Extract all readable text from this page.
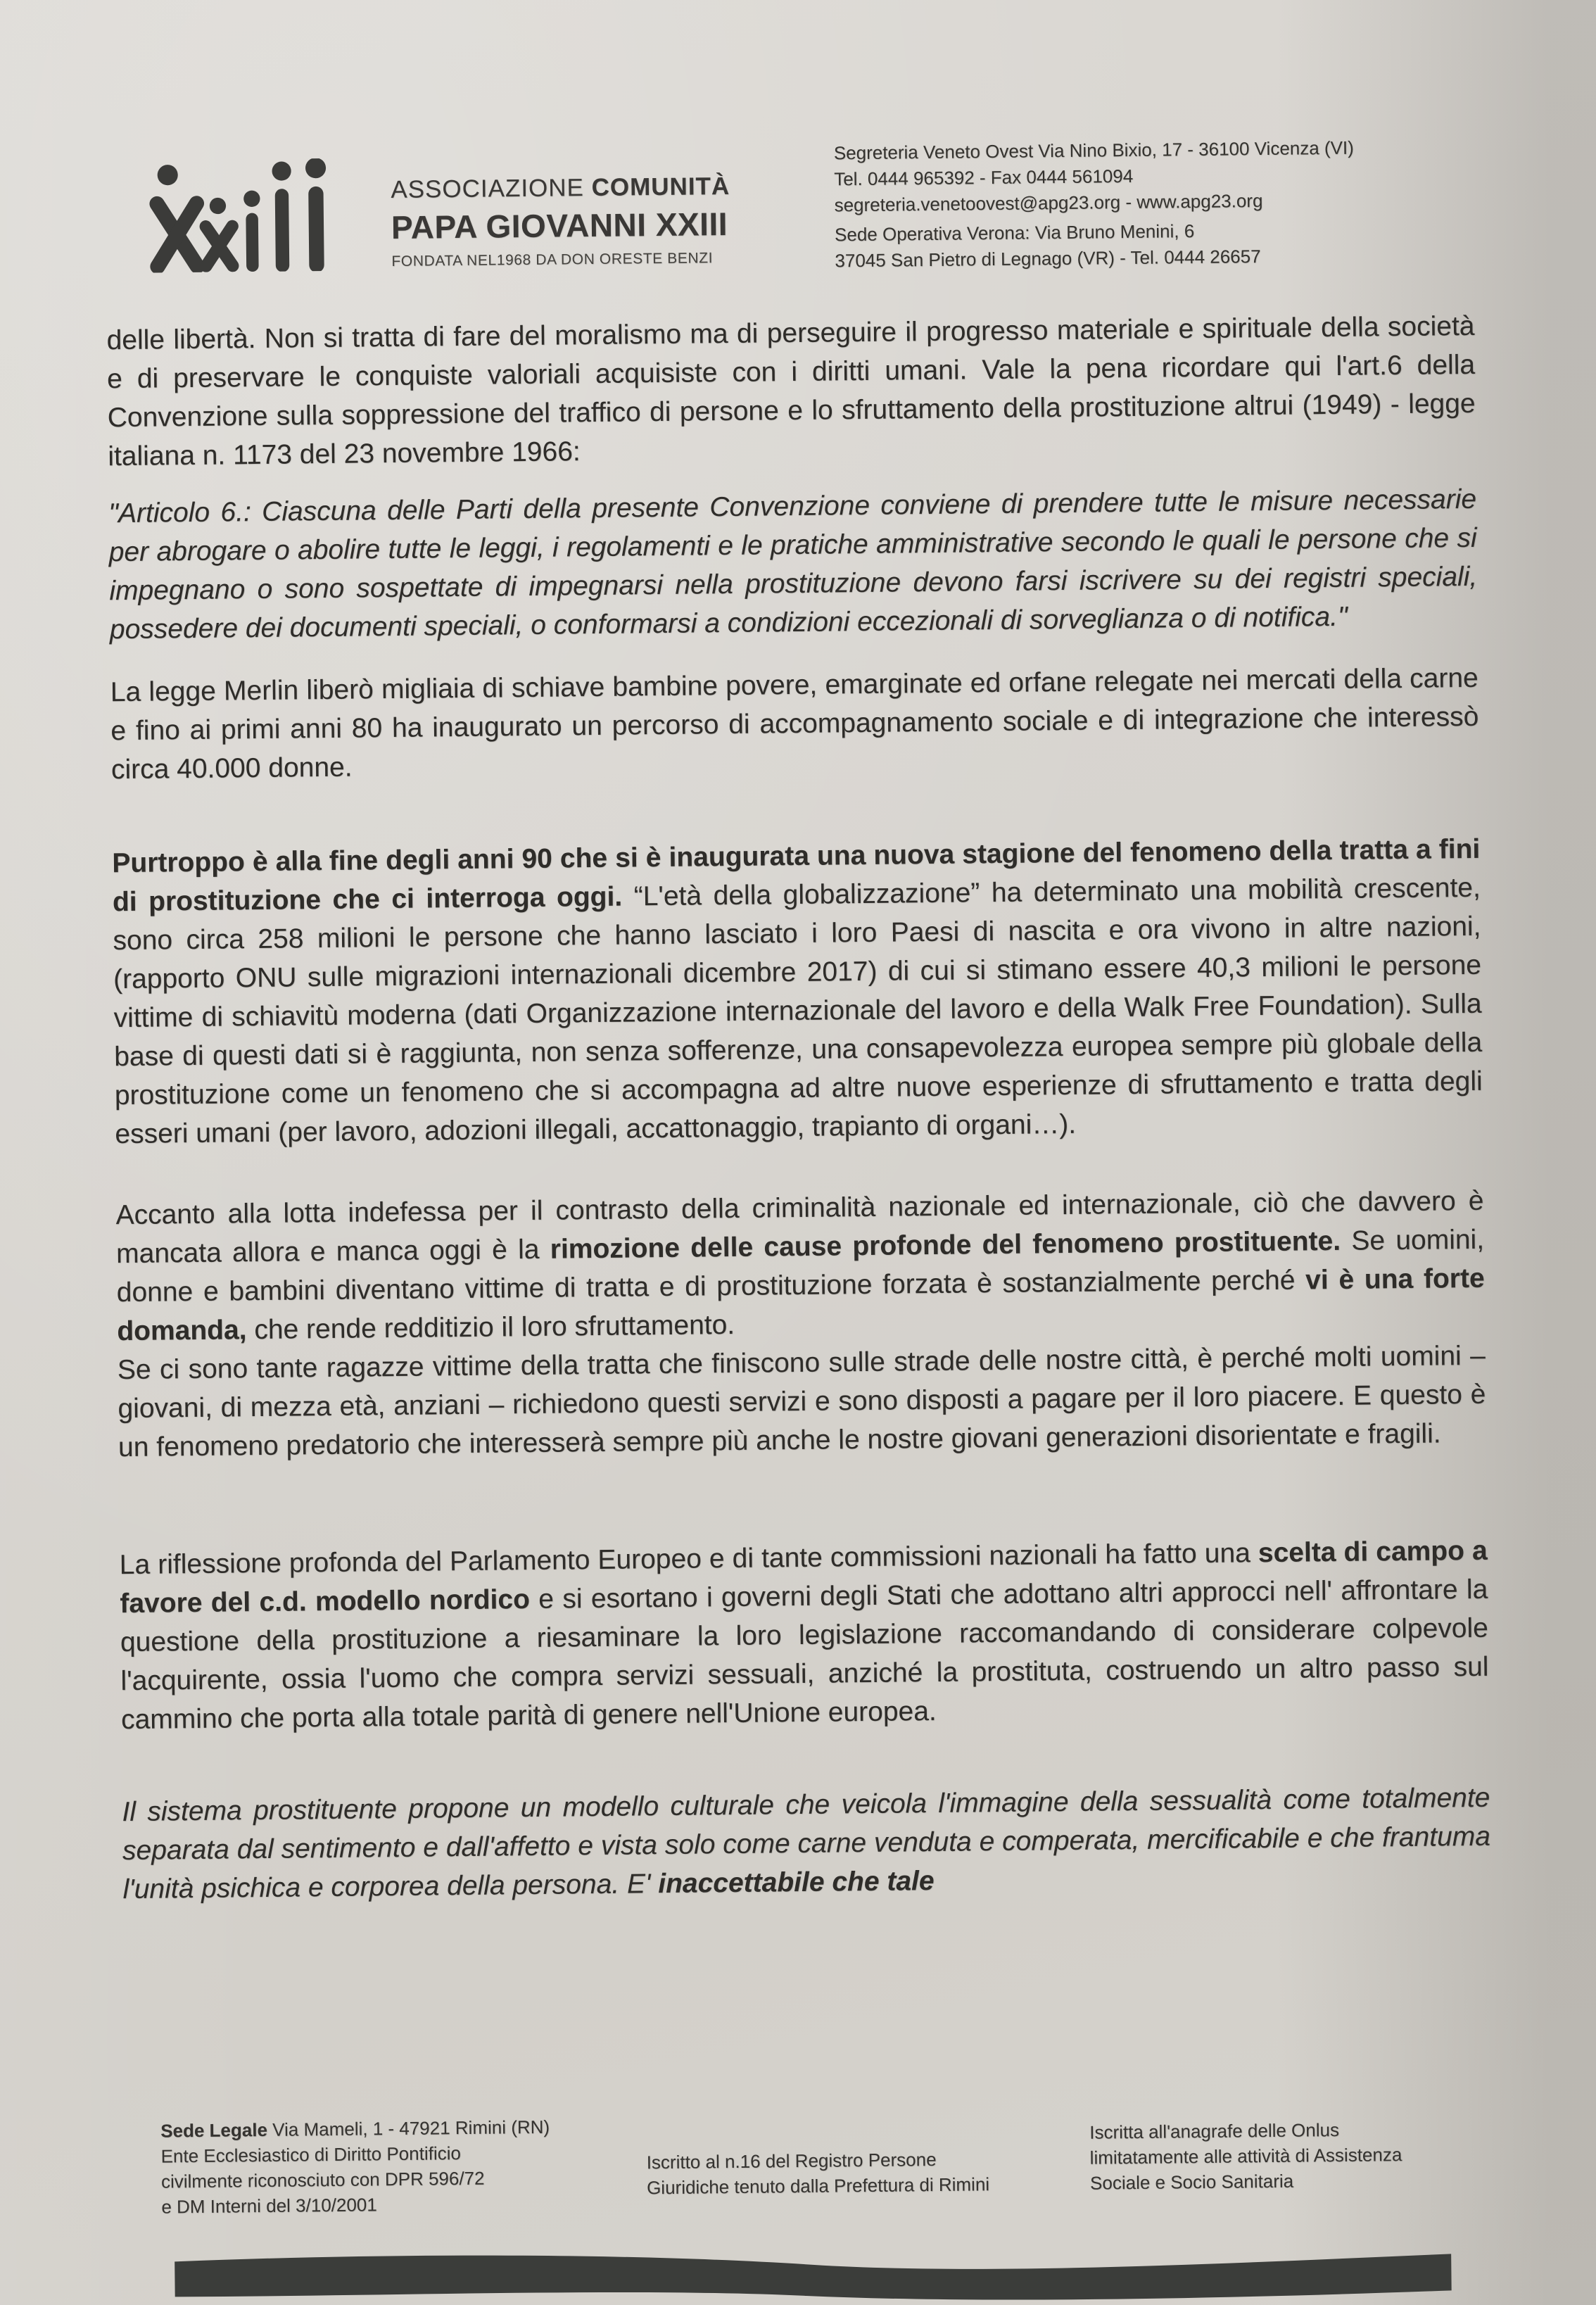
ASSOCIAZIONE COMUNITÀ
PAPA GIOVANNI XXIII
FONDATA NEL1968 DA DON ORESTE BENZI
Segreteria Veneto Ovest Via Nino Bixio, 17 - 36100 Vicenza (VI)
Tel. 0444 965392 - Fax 0444 561094
segreteria.venetoovest@apg23.org - www.apg23.org
Sede Operativa Verona: Via Bruno Menini, 6
37045 San Pietro di Legnago (VR) - Tel. 0444 26657

delle libertà. Non si tratta di fare del moralismo ma di perseguire il progresso materiale e spirituale della società e di preservare le conquiste valoriali acquisiste con i diritti umani. Vale la pena ricordare qui l'art.6 della Convenzione sulla soppressione del traffico di persone e lo sfruttamento della prostituzione altrui (1949) - legge italiana n. 1173 del 23 novembre 1966:

"Articolo 6.: Ciascuna delle Parti della presente Convenzione conviene di prendere tutte le misure necessarie per abrogare o abolire tutte le leggi, i regolamenti e le pratiche amministrative secondo le quali le persone che si impegnano o sono sospettate di impegnarsi nella prostituzione devono farsi iscrivere su dei registri speciali, possedere dei documenti speciali, o conformarsi a condizioni eccezionali di sorveglianza o di notifica."

La legge Merlin liberò migliaia di schiave bambine povere, emarginate ed orfane relegate nei mercati della carne e fino ai primi anni 80 ha inaugurato un percorso di accompagnamento sociale e di integrazione che interessò circa 40.000 donne.

Purtroppo è alla fine degli anni 90 che si è inaugurata una nuova stagione del fenomeno della tratta a fini di prostituzione che ci interroga oggi. “L'età della globalizzazione” ha determinato una mobilità crescente, sono circa 258 milioni le persone che hanno lasciato i loro Paesi di nascita e ora vivono in altre nazioni, (rapporto ONU sulle migrazioni internazionali dicembre 2017) di cui si stimano essere 40,3 milioni le persone vittime di schiavitù moderna (dati Organizzazione internazionale del lavoro e della Walk Free Foundation). Sulla base di questi dati si è raggiunta, non senza sofferenze, una consapevolezza europea sempre più globale della prostituzione come un fenomeno che si accompagna ad altre nuove esperienze di sfruttamento e tratta degli esseri umani (per lavoro, adozioni illegali, accattonaggio, trapianto di organi…).

Accanto alla lotta indefessa per il contrasto della criminalità nazionale ed internazionale, ciò che davvero è mancata allora e manca oggi è la rimozione delle cause profonde del fenomeno prostituente. Se uomini, donne e bambini diventano vittime di tratta e di prostituzione forzata è sostanzialmente perché vi è una forte domanda, che rende redditizio il loro sfruttamento.

Se ci sono tante ragazze vittime della tratta che finiscono sulle strade delle nostre città, è perché molti uomini – giovani, di mezza età, anziani – richiedono questi servizi e sono disposti a pagare per il loro piacere. E questo è un fenomeno predatorio che interesserà sempre più anche le nostre giovani generazioni disorientate e fragili.

La riflessione profonda del Parlamento Europeo e di tante commissioni nazionali ha fatto una scelta di campo a favore del c.d. modello nordico e si esortano i governi degli Stati che adottano altri approcci nell' affrontare la questione della prostituzione a riesaminare la loro legislazione raccomandando di considerare colpevole l'acquirente, ossia l'uomo che compra servizi sessuali, anziché la prostituta, costruendo un altro passo sul cammino che porta alla totale parità di genere nell'Unione europea.

Il sistema prostituente propone un modello culturale che veicola l'immagine della sessualità come totalmente separata dal sentimento e dall'affetto e vista solo come carne venduta e comperata, mercificabile e che frantuma l'unità psichica e corporea della persona. E' inaccettabile che tale

Sede Legale Via Mameli, 1 - 47921 Rimini (RN)
Ente Ecclesiastico di Diritto Pontificio
civilmente riconosciuto con DPR 596/72
e DM Interni del 3/10/2001
Iscritto al n.16 del Registro Persone
Giuridiche tenuto dalla Prefettura di Rimini
Iscritta all'anagrafe delle Onlus
limitatamente alle attività di Assistenza
Sociale e Socio Sanitaria
